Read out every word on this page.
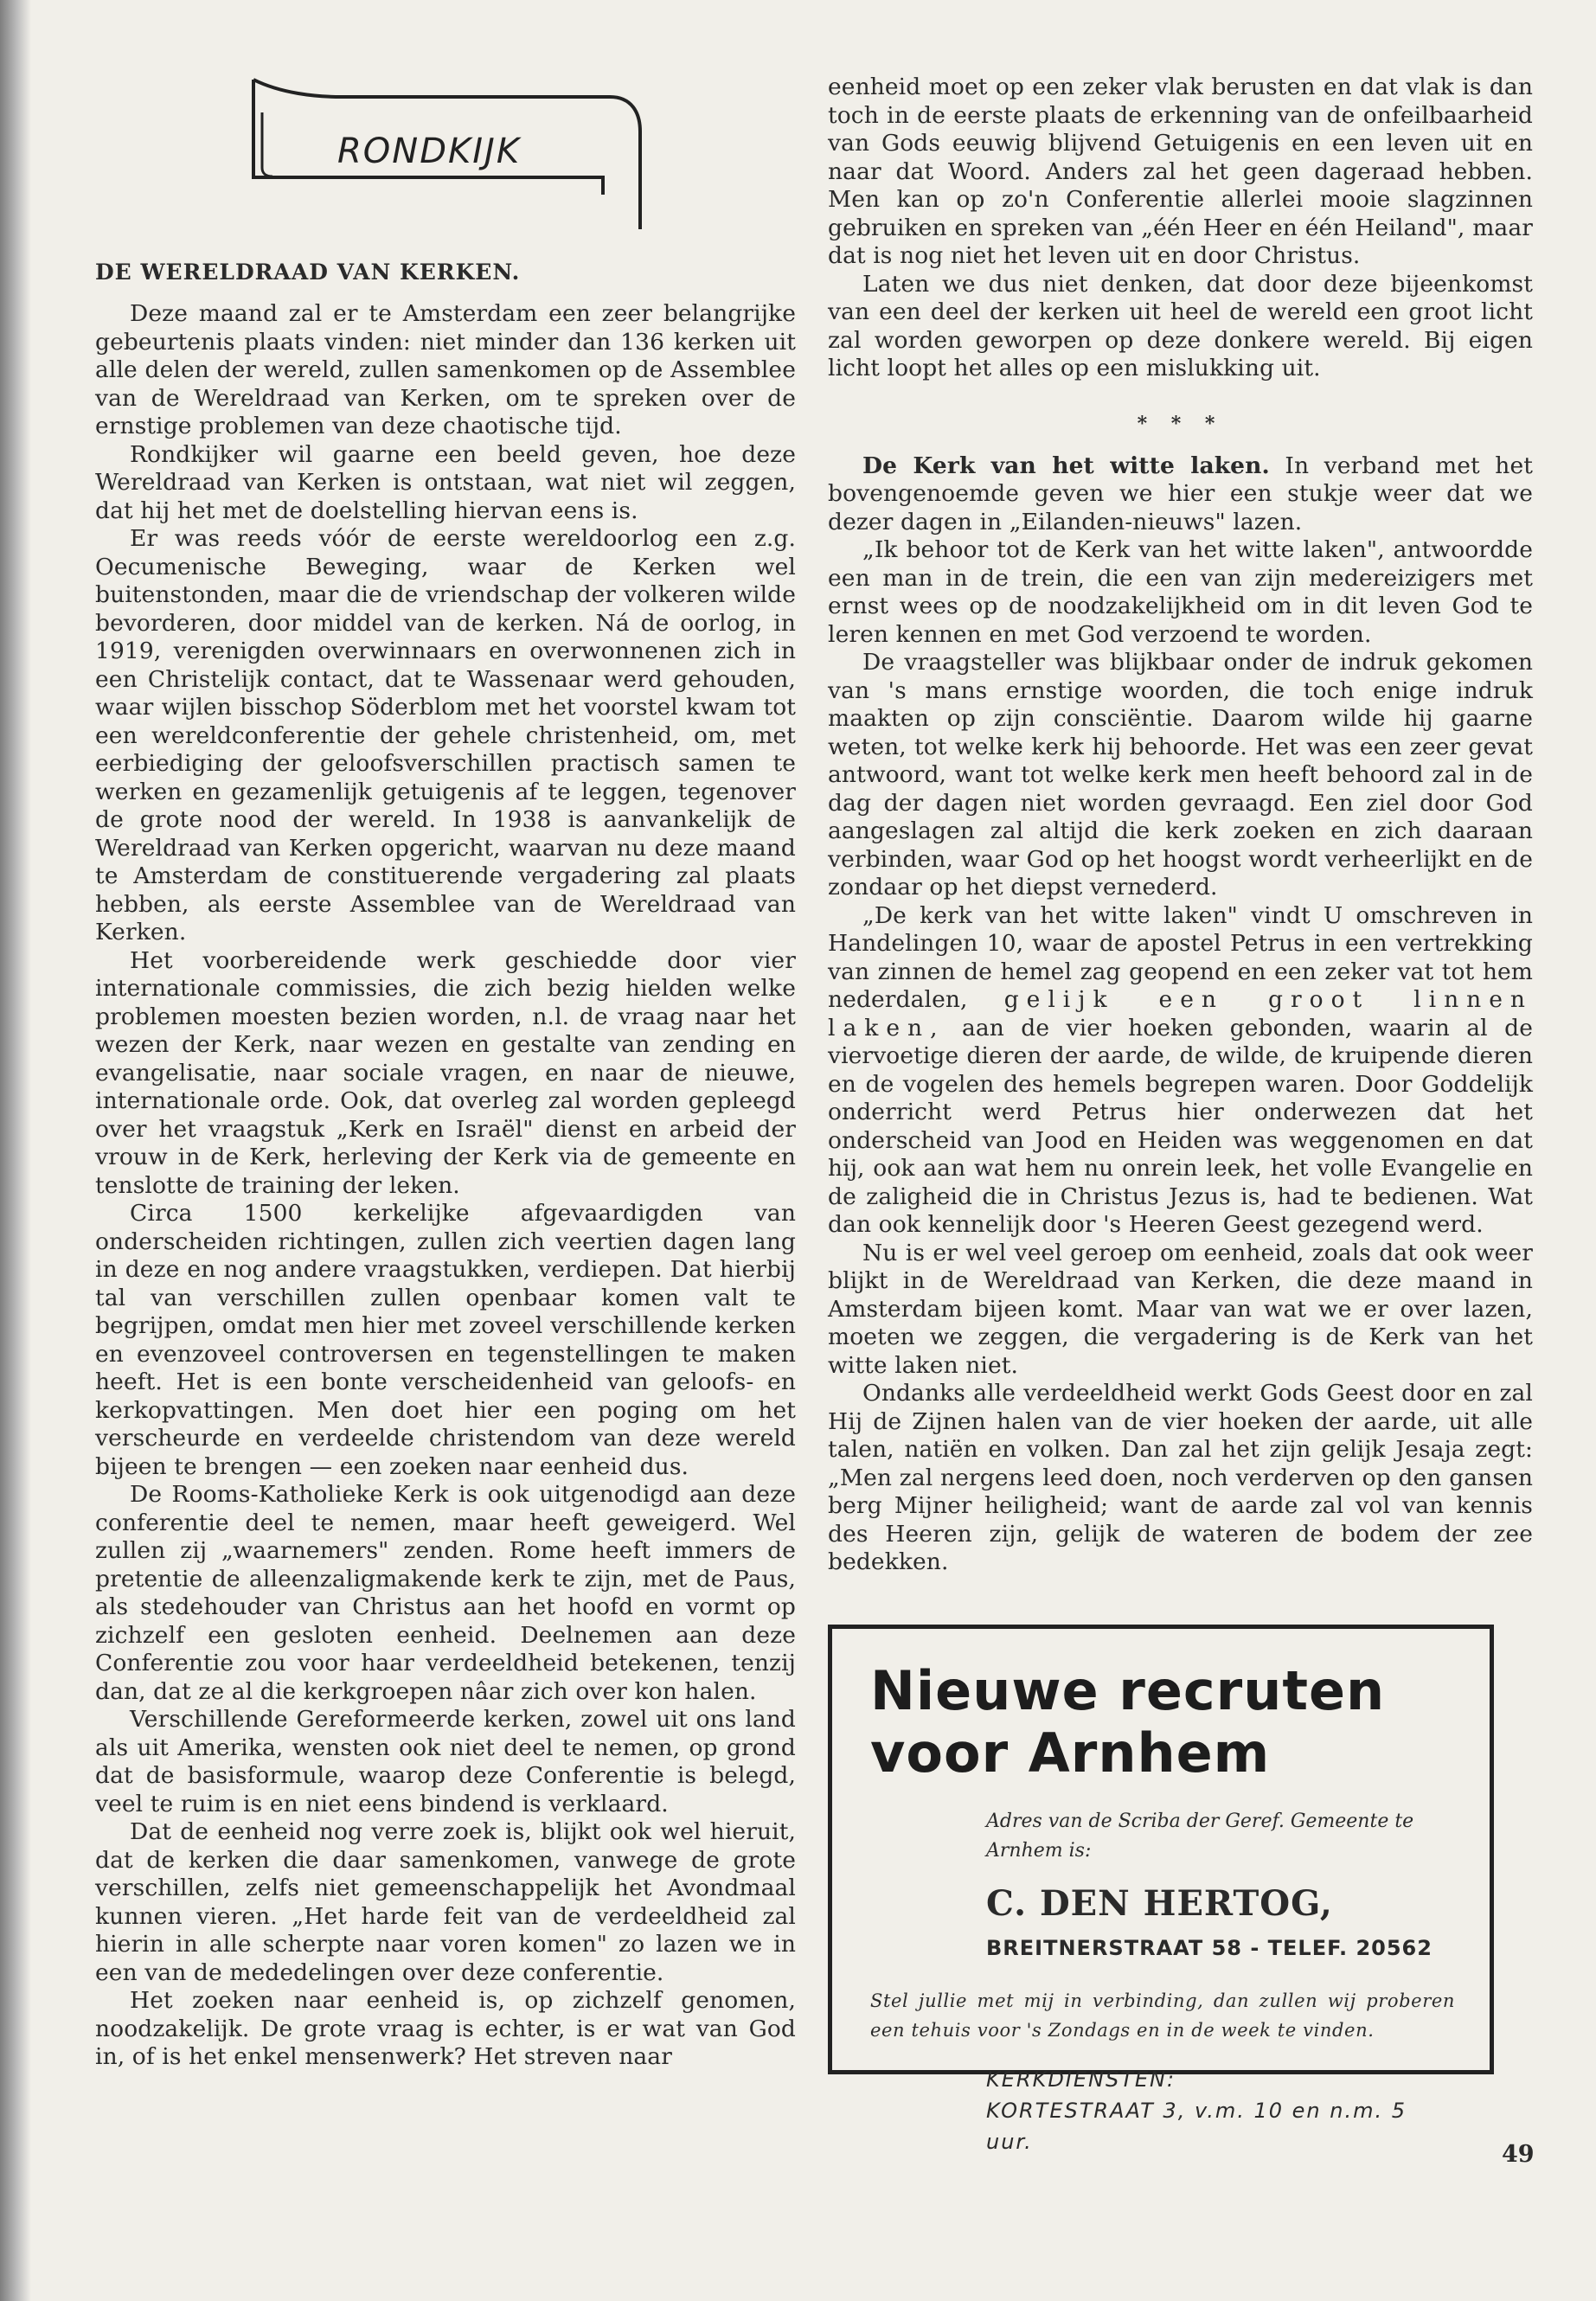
RONDKIJK
DE WERELDRAAD VAN KERKEN.

Deze maand zal er te Amsterdam een zeer belangrijke gebeurtenis plaats vinden: niet minder dan 136 kerken uit alle delen der wereld, zullen samenkomen op de Assemblee van de Wereldraad van Kerken, om te spreken over de ernstige problemen van deze chaotische tijd.

Rondkijker wil gaarne een beeld geven, hoe deze Wereldraad van Kerken is ontstaan, wat niet wil zeggen, dat hij het met de doelstelling hiervan eens is.

Er was reeds vóór de eerste wereldoorlog een z.g. Oecumenische Beweging, waar de Kerken wel buitenstonden, maar die de vriendschap der volkeren wilde bevorderen, door middel van de kerken. Ná de oorlog, in 1919, verenigden overwinnaars en overwonnenen zich in een Christelijk contact, dat te Wassenaar werd gehouden, waar wijlen bisschop Söderblom met het voorstel kwam tot een wereldconferentie der gehele christenheid, om, met eerbiediging der geloofsverschillen practisch samen te werken en gezamenlijk getuigenis af te leggen, tegenover de grote nood der wereld. In 1938 is aanvankelijk de Wereldraad van Kerken opgericht, waarvan nu deze maand te Amsterdam de constituerende vergadering zal plaats hebben, als eerste Assemblee van de Wereldraad van Kerken.

Het voorbereidende werk geschiedde door vier internationale commissies, die zich bezig hielden welke problemen moesten bezien worden, n.l. de vraag naar het wezen der Kerk, naar wezen en gestalte van zending en evangelisatie, naar sociale vragen, en naar de nieuwe, internationale orde. Ook, dat overleg zal worden gepleegd over het vraagstuk „Kerk en Israël" dienst en arbeid der vrouw in de Kerk, herleving der Kerk via de gemeente en tenslotte de training der leken.

Circa 1500 kerkelijke afgevaardigden van onderscheiden richtingen, zullen zich veertien dagen lang in deze en nog andere vraagstukken, verdiepen. Dat hierbij tal van verschillen zullen openbaar komen valt te begrijpen, omdat men hier met zoveel verschillende kerken en evenzoveel controversen en tegenstellingen te maken heeft. Het is een bonte verscheidenheid van geloofs- en kerkopvattingen. Men doet hier een poging om het verscheurde en verdeelde christendom van deze wereld bijeen te brengen — een zoeken naar eenheid dus.

De Rooms-Katholieke Kerk is ook uitgenodigd aan deze conferentie deel te nemen, maar heeft geweigerd. Wel zullen zij „waarnemers" zenden. Rome heeft immers de pretentie de alleenzaligmakende kerk te zijn, met de Paus, als stedehouder van Christus aan het hoofd en vormt op zichzelf een gesloten eenheid. Deelnemen aan deze Conferentie zou voor haar verdeeldheid betekenen, tenzij dan, dat ze al die kerkgroepen nâar zich over kon halen.

Verschillende Gereformeerde kerken, zowel uit ons land als uit Amerika, wensten ook niet deel te nemen, op grond dat de basisformule, waarop deze Conferentie is belegd, veel te ruim is en niet eens bindend is verklaard.

Dat de eenheid nog verre zoek is, blijkt ook wel hieruit, dat de kerken die daar samenkomen, vanwege de grote verschillen, zelfs niet gemeenschappelijk het Avondmaal kunnen vieren. „Het harde feit van de verdeeldheid zal hierin in alle scherpte naar voren komen" zo lazen we in een van de mededelingen over deze conferentie.

Het zoeken naar eenheid is, op zichzelf genomen, noodzakelijk. De grote vraag is echter, is er wat van God in, of is het enkel mensenwerk? Het streven naar

eenheid moet op een zeker vlak berusten en dat vlak is dan toch in de eerste plaats de erkenning van de onfeilbaarheid van Gods eeuwig blijvend Getuigenis en een leven uit en naar dat Woord. Anders zal het geen dageraad hebben. Men kan op zo'n Conferentie allerlei mooie slagzinnen gebruiken en spreken van „één Heer en één Heiland", maar dat is nog niet het leven uit en door Christus.

Laten we dus niet denken, dat door deze bijeenkomst van een deel der kerken uit heel de wereld een groot licht zal worden geworpen op deze donkere wereld. Bij eigen licht loopt het alles op een mislukking uit.

* * *

De Kerk van het witte laken. In verband met het bovengenoemde geven we hier een stukje weer dat we dezer dagen in „Eilanden-nieuws" lazen.

„Ik behoor tot de Kerk van het witte laken", antwoordde een man in de trein, die een van zijn medereizigers met ernst wees op de noodzakelijkheid om in dit leven God te leren kennen en met God verzoend te worden.

De vraagsteller was blijkbaar onder de indruk gekomen van 's mans ernstige woorden, die toch enige indruk maakten op zijn consciëntie. Daarom wilde hij gaarne weten, tot welke kerk hij behoorde. Het was een zeer gevat antwoord, want tot welke kerk men heeft behoord zal in de dag der dagen niet worden gevraagd. Een ziel door God aangeslagen zal altijd die kerk zoeken en zich daaraan verbinden, waar God op het hoogst wordt verheerlijkt en de zondaar op het diepst vernederd.

„De kerk van het witte laken" vindt U omschreven in Handelingen 10, waar de apostel Petrus in een vertrekking van zinnen de hemel zag geopend en een zeker vat tot hem nederdalen, gelijk een groot linnen laken, aan de vier hoeken gebonden, waarin al de viervoetige dieren der aarde, de wilde, de kruipende dieren en de vogelen des hemels begrepen waren. Door Goddelijk onderricht werd Petrus hier onderwezen dat het onderscheid van Jood en Heiden was weggenomen en dat hij, ook aan wat hem nu onrein leek, het volle Evangelie en de zaligheid die in Christus Jezus is, had te bedienen. Wat dan ook kennelijk door 's Heeren Geest gezegend werd.

Nu is er wel veel geroep om eenheid, zoals dat ook weer blijkt in de Wereldraad van Kerken, die deze maand in Amsterdam bijeen komt. Maar van wat we er over lazen, moeten we zeggen, die vergadering is de Kerk van het witte laken niet.

Ondanks alle verdeeldheid werkt Gods Geest door en zal Hij de Zijnen halen van de vier hoeken der aarde, uit alle talen, natiën en volken. Dan zal het zijn gelijk Jesaja zegt: „Men zal nergens leed doen, noch verderven op den gansen berg Mijner heiligheid; want de aarde zal vol van kennis des Heeren zijn, gelijk de wateren de bodem der zee bedekken.

Nieuwe recruten
voor Arnhem
Adres van de Scriba der Geref. Gemeente te Arnhem is:
C. DEN HERTOG,
BREITNERSTRAAT 58 - TELEF. 20562
Stel jullie met mij in verbinding, dan zullen wij proberen een tehuis voor 's Zondags en in de week te vinden.
KERKDIENSTEN:
KORTESTRAAT 3, v.m. 10 en n.m. 5 uur.	49
